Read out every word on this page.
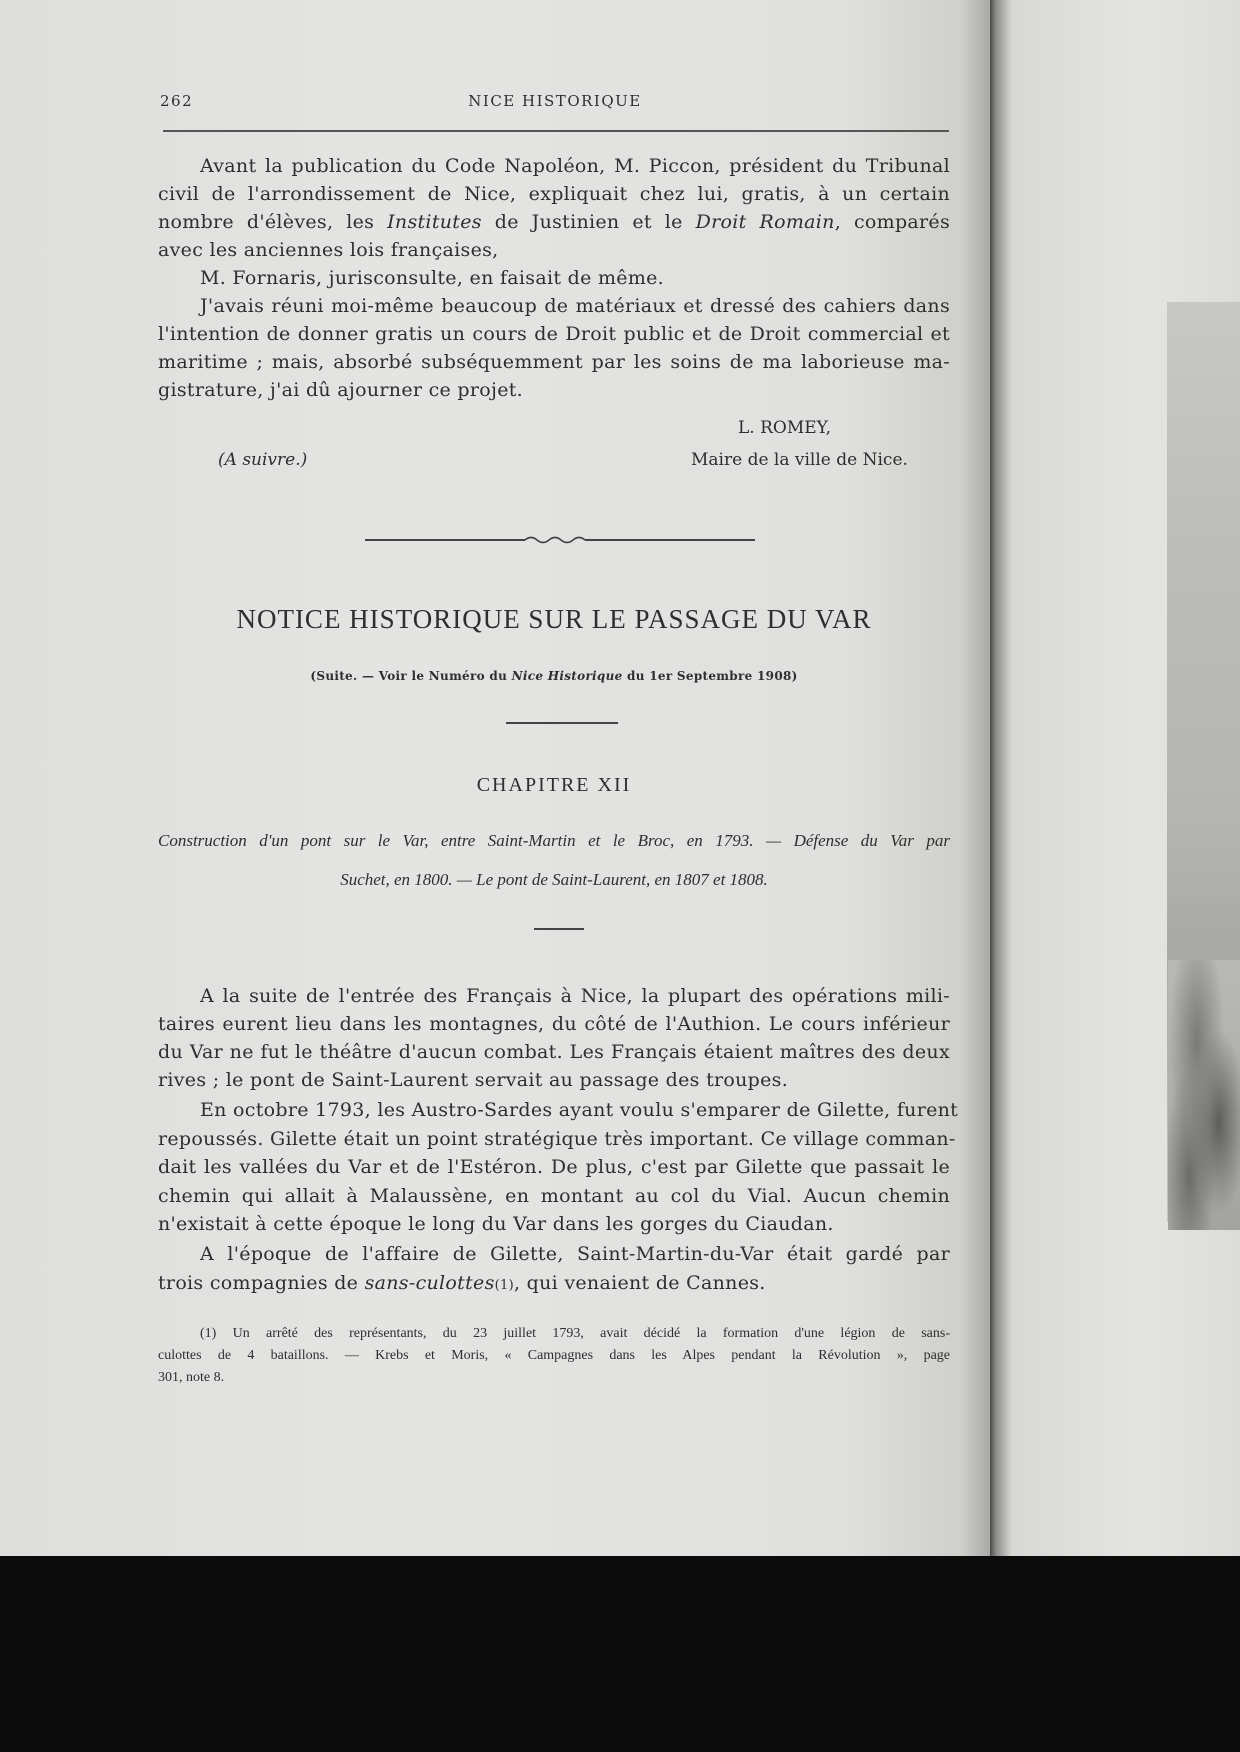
262	NICE HISTORIQUE
Avant la publication du Code Napoléon, M. Piccon, président du Tribunal
civil de l'arrondissement de Nice, expliquait chez lui, gratis, à un certain
nombre d'élèves, les Institutes de Justinien et le Droit Romain, comparés
avec les anciennes lois françaises,
M. Fornaris, jurisconsulte, en faisait de même.
J'avais réuni moi-même beaucoup de matériaux et dressé des cahiers dans
l'intention de donner gratis un cours de Droit public et de Droit commercial et
maritime ; mais, absorbé subséquemment par les soins de ma laborieuse ma-
gistrature, j'ai dû ajourner ce projet.
L. ROMEY,
(A suivre.)	Maire de la ville de Nice.
NOTICE HISTORIQUE SUR LE PASSAGE DU VAR
(Suite. — Voir le Numéro du Nice Historique du 1er Septembre 1908)
CHAPITRE XII
Construction d'un pont sur le Var, entre Saint-Martin et le Broc, en 1793. — Défense du Var par
Suchet, en 1800. — Le pont de Saint-Laurent, en 1807 et 1808.
A la suite de l'entrée des Français à Nice, la plupart des opérations mili-
taires eurent lieu dans les montagnes, du côté de l'Authion. Le cours inférieur
du Var ne fut le théâtre d'aucun combat. Les Français étaient maîtres des deux
rives ; le pont de Saint-Laurent servait au passage des troupes.
En octobre 1793, les Austro-Sardes ayant voulu s'emparer de Gilette, furent
repoussés. Gilette était un point stratégique très important. Ce village comman-
dait les vallées du Var et de l'Estéron. De plus, c'est par Gilette que passait le
chemin qui allait à Malaussène, en montant au col du Vial. Aucun chemin
n'existait à cette époque le long du Var dans les gorges du Ciaudan.
A l'époque de l'affaire de Gilette, Saint-Martin-du-Var était gardé par
trois compagnies de sans-culottes(1), qui venaient de Cannes.
(1) Un arrêté des représentants, du 23 juillet 1793, avait décidé la formation d'une légion de sans-
culottes de 4 bataillons. — Krebs et Moris, « Campagnes dans les Alpes pendant la Révolution », page
301, note 8.
